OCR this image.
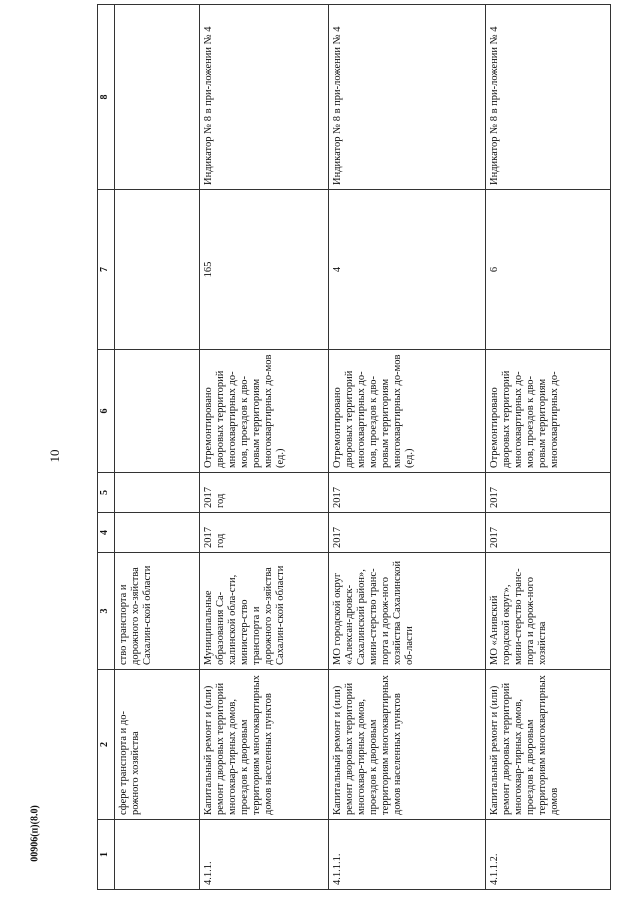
10
00906(п)(8.0)	1	2	3	4	5	6	7	8
	сфере транспорта и до-рожного хозяйства	ство транспорта и дорожного хо-зяйства Сахалин-ской области					
4.1.1.	Капитальный ремонт и (или) ремонт дворовых территорий многоквар-тирных домов, проездов к дворовым территориям многоквартирных домов населенных пунктов	Муниципальные образования Са-халинской обла-сти, министер-ство транспорта и дорожного хо-зяйства Сахалин-ской области	2017 год	2017 год	Отремонтировано дворовых территорий многоквартирных до-мов, проездов к дво-ровым территориям многоквартирных до-мов (ед.)	165	Индикатор № 8 в при-ложении № 4
4.1.1.1.	Капитальный ремонт и (или) ремонт дворовых территорий многоквар-тирных домов, проездов к дворовым территориям многоквартирных домов населенных пунктов	МО городской округ «Алексан-дровск-Сахалинский район», мини-стерство транс-порта и дорож-ного хозяйства Сахалинской об-ласти	2017	2017	Отремонтировано дворовых территорий многоквартирных до-мов, проездов к дво-ровым территориям многоквартирных до-мов (ед.)	4	Индикатор № 8 в при-ложении № 4
4.1.1.2.	Капитальный ремонт и (или) ремонт дворовых территорий многоквар-тирных домов, проездов к дворовым территориям многоквартирных домов	МО «Анивский городской округ», мини-стерство транс-порта и дорож-ного хозяйства	2017	2017	Отремонтировано дворовых территорий многоквартирных до-мов, проездов к дво-ровым территориям многоквартирных до-	6	Индикатор № 8 в при-ложении № 4
